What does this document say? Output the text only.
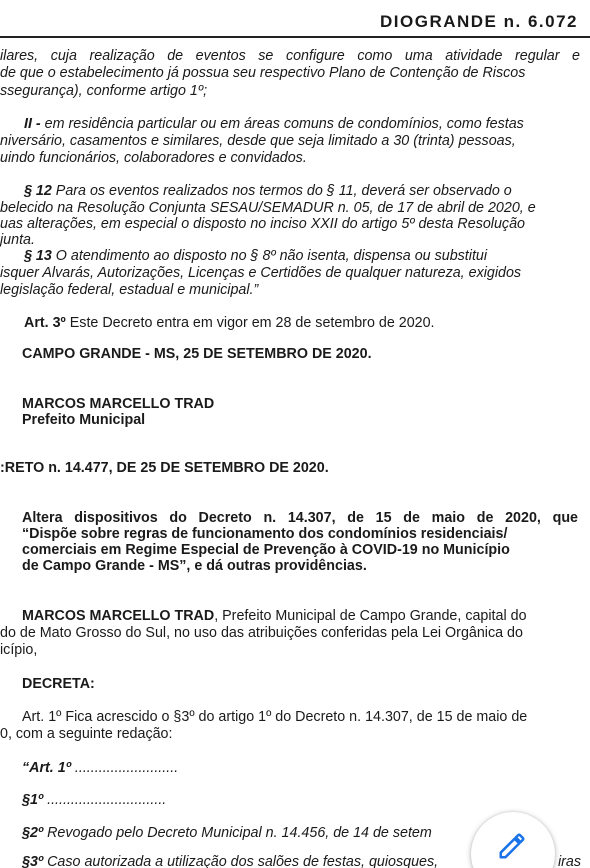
DIOGRANDE n. 6.072
ilares, cuja realização de eventos se configure como uma atividade regular e
de que o estabelecimento já possua seu respectivo Plano de Contenção de Riscos
ssegurança), conforme artigo 1º;
II - em residência particular ou em áreas comuns de condomínios, como festas
niversário, casamentos e similares, desde que seja limitado a 30 (trinta) pessoas,
uindo funcionários, colaboradores e convidados.
§ 12 Para os eventos realizados nos termos do § 11, deverá ser observado o
belecido na Resolução Conjunta SESAU/SEMADUR n. 05, de 17 de abril de 2020, e
uas alterações, em especial o disposto no inciso XXII do artigo 5º desta Resolução
junta.
§ 13 O atendimento ao disposto no § 8º não isenta, dispensa ou substitui
isquer Alvarás, Autorizações, Licenças e Certidões de qualquer natureza, exigidos
legislação federal, estadual e municipal.”
Art. 3º Este Decreto entra em vigor em 28 de setembro de 2020.
CAMPO GRANDE - MS, 25 DE SETEMBRO DE 2020.
MARCOS MARCELLO TRAD
Prefeito Municipal
:RETO n. 14.477, DE 25 DE SETEMBRO DE 2020.
Altera dispositivos do Decreto n. 14.307, de 15 de maio de 2020, que
“Dispõe sobre regras de funcionamento dos condomínios residenciais/
comerciais em Regime Especial de Prevenção à COVID-19 no Município
de Campo Grande - MS”, e dá outras providências.
MARCOS MARCELLO TRAD, Prefeito Municipal de Campo Grande, capital do
do de Mato Grosso do Sul, no uso das atribuições conferidas pela Lei Orgânica do
icípio,
DECRETA:
Art. 1º Fica acrescido o §3º do artigo 1º do Decreto n. 14.307, de 15 de maio de
0, com a seguinte redação:
“Art. 1º ..........................
§1º ..............................
§2º Revogado pelo Decreto Municipal n. 14.456, de 14 de setem
§3º Caso autorizada a utilização dos salões de festas, quiosques,	iras
